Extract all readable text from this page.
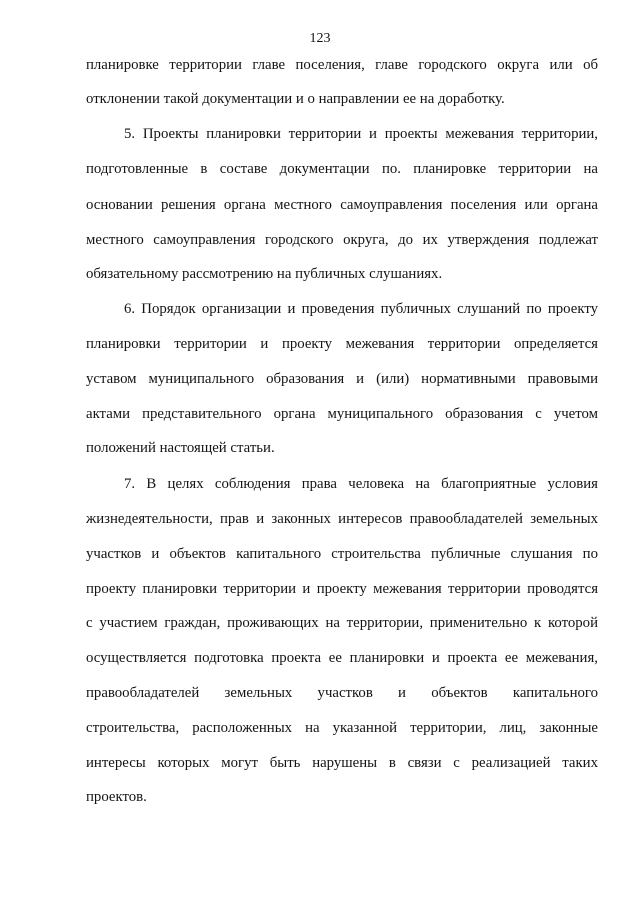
123
планировке территории главе поселения, главе городского округа или об
отклонении такой документации и о направлении ее на доработку.
5. Проекты планировки территории и проекты межевания территории,
подготовленные в составе документации по. планировке территории на
основании решения органа местного самоуправления поселения или органа
местного самоуправления городского округа, до их утверждения подлежат
обязательному рассмотрению на публичных слушаниях.
6. Порядок организации и проведения публичных слушаний по проекту
планировки территории и проекту межевания территории определяется
уставом муниципального образования и (или) нормативными правовыми
актами представительного органа муниципального образования с учетом
положений настоящей статьи.
7. В целях соблюдения права человека на благоприятные условия
жизнедеятельности, прав и законных интересов правообладателей земельных
участков и объектов капитального строительства публичные слушания по
проекту планировки территории и проекту межевания территории проводятся
с участием граждан, проживающих на территории, применительно к которой
осуществляется подготовка проекта ее планировки и проекта ее межевания,
правообладателей земельных участков и объектов капитального
строительства, расположенных на указанной территории, лиц, законные
интересы которых могут быть нарушены в связи с реализацией таких
проектов.
